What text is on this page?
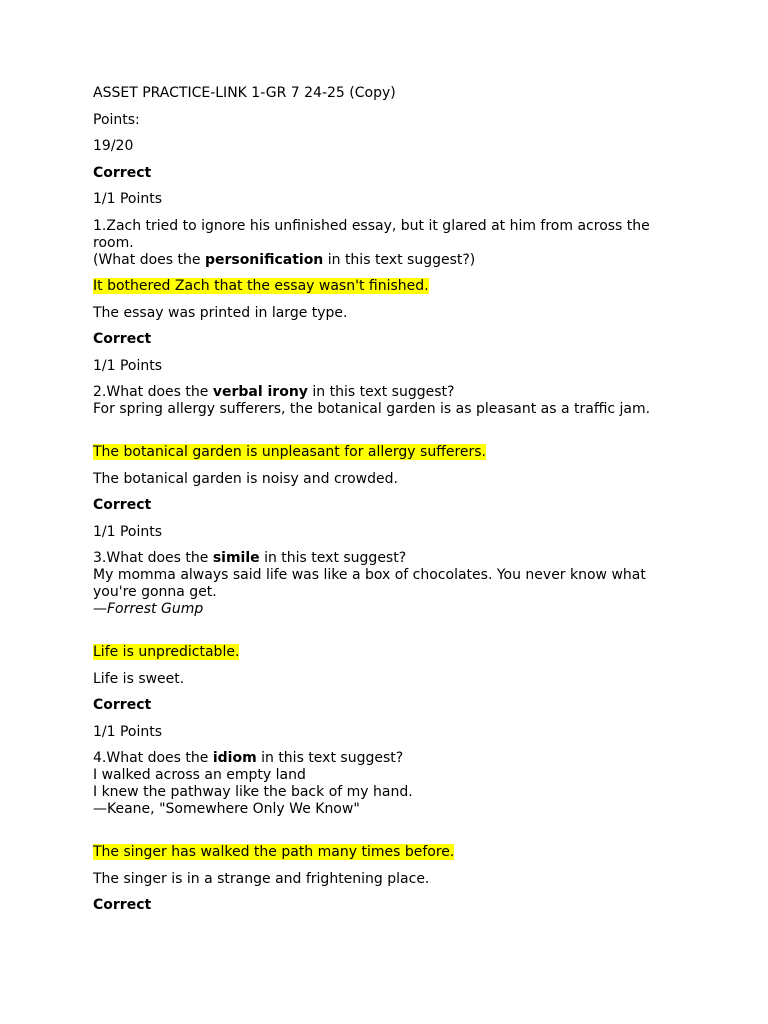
ASSET PRACTICE-LINK 1-GR 7 24-25 (Copy)
Points:
19/20
Correct
1/1 Points
1.Zach tried to ignore his unfinished essay, but it glared at him from across the room.
(What does the personification in this text suggest?)
It bothered Zach that the essay wasn't finished.
The essay was printed in large type.
Correct
1/1 Points
2.What does the verbal irony in this text suggest?
For spring allergy sufferers, the botanical garden is as pleasant as a traffic jam.
The botanical garden is unpleasant for allergy sufferers.
The botanical garden is noisy and crowded.
Correct
1/1 Points
3.What does the simile in this text suggest?
My momma always said life was like a box of chocolates. You never know what you're gonna get.
—Forrest Gump
Life is unpredictable.
Life is sweet.
Correct
1/1 Points
4.What does the idiom in this text suggest?
I walked across an empty land
I knew the pathway like the back of my hand.
—Keane, "Somewhere Only We Know"
The singer has walked the path many times before.
The singer is in a strange and frightening place.
Correct
